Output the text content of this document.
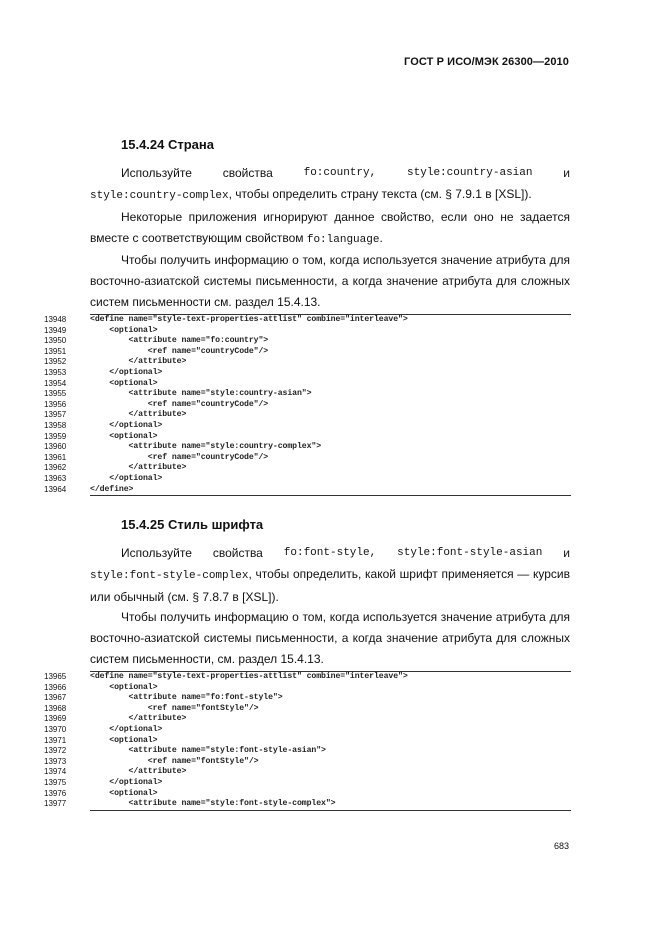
ГОСТ Р ИСО/МЭК 26300—2010
15.4.24 Страна
Используйте	свойства	fo:country,	style:country-asian	и
style:country-complex, чтобы определить страну текста (см. § 7.9.1 в [XSL]).
Некоторые приложения игнорируют данное свойство, если оно не задается вместе с соответствующим свойством fo:language.
Чтобы получить информацию о том, когда используется значение атрибута для восточно-азиатской системы письменности, а когда значение атрибута для сложных систем письменности см. раздел 15.4.13.
13948	<define name="style-text-properties-attlist" combine="interleave">
13949	<optional>
13950	<attribute name="fo:country">
13951	<ref name="countryCode"/>
13952	</attribute>
13953	</optional>
13954	<optional>
13955	<attribute name="style:country-asian">
13956	<ref name="countryCode"/>
13957	</attribute>
13958	</optional>
13959	<optional>
13960	<attribute name="style:country-complex">
13961	<ref name="countryCode"/>
13962	</attribute>
13963	</optional>
13964	</define>
15.4.25 Стиль шрифта
Используйте свойства fo:font-style, style:font-style-asian и
style:font-style-complex, чтобы определить, какой шрифт применяется — курсив или обычный (см. § 7.8.7 в [XSL]).
Чтобы получить информацию о том, когда используется значение атрибута для восточно-азиатской системы письменности, а когда значение атрибута для сложных систем письменности, см. раздел 15.4.13.
13965	<define name="style-text-properties-attlist" combine="interleave">
13966	<optional>
13967	<attribute name="fo:font-style">
13968	<ref name="fontStyle"/>
13969	</attribute>
13970	</optional>
13971	<optional>
13972	<attribute name="style:font-style-asian">
13973	<ref name="fontStyle"/>
13974	</attribute>
13975	</optional>
13976	<optional>
13977	<attribute name="style:font-style-complex">
683
